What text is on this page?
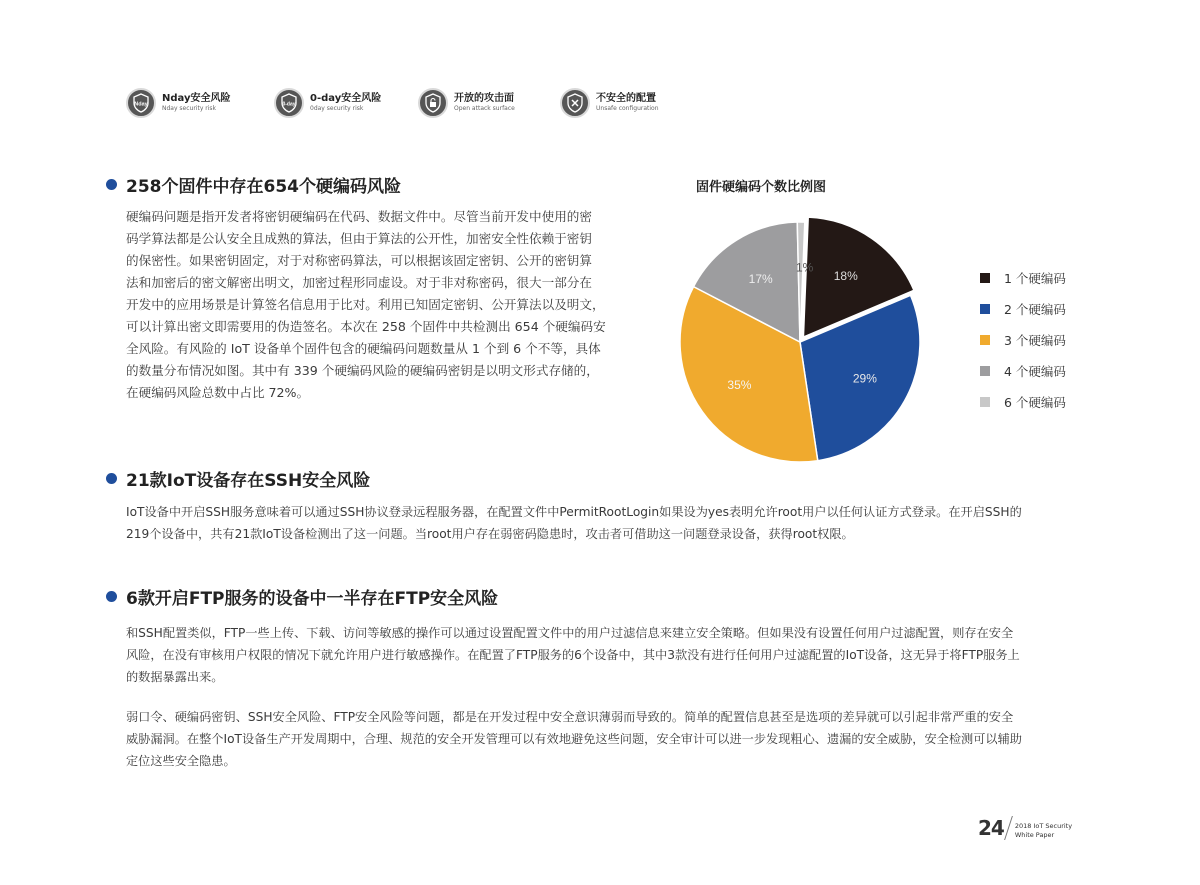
Nday
Nday安全风险
Nday security risk
0-day
0-day安全风险
0day security risk
开放的攻击面
Open attack surface
不安全的配置
Unsafe configuration
258个固件中存在654个硬编码风险
硬编码问题是指开发者将密钥硬编码在代码、数据文件中。尽管当前开发中使用的密
码学算法都是公认安全且成熟的算法，但由于算法的公开性，加密安全性依赖于密钥
的保密性。如果密钥固定，对于对称密码算法，可以根据该固定密钥、公开的密钥算
法和加密后的密文解密出明文，加密过程形同虚设。对于非对称密码，很大一部分在
开发中的应用场景是计算签名信息用于比对。利用已知固定密钥、公开算法以及明文，
可以计算出密文即需要用的伪造签名。本次在 258 个固件中共检测出 654 个硬编码安
全风险。有风险的 IoT 设备单个固件包含的硬编码问题数量从 1 个到 6 个不等，具体
的数量分布情况如图。其中有 339 个硬编码风险的硬编码密钥是以明文形式存储的，
在硬编码风险总数中占比 72%。
固件硬编码个数比例图
18%
29%
35%
17%
1%
1 个硬编码
2 个硬编码
3 个硬编码
4 个硬编码
6 个硬编码
21款IoT设备存在SSH安全风险
IoT设备中开启SSH服务意味着可以通过SSH协议登录远程服务器，在配置文件中PermitRootLogin如果设为yes表明允许root用户以任何认证方式登录。在开启SSH的
219个设备中，共有21款IoT设备检测出了这一问题。当root用户存在弱密码隐患时，攻击者可借助这一问题登录设备，获得root权限。
6款开启FTP服务的设备中一半存在FTP安全风险
和SSH配置类似，FTP一些上传、下载、访问等敏感的操作可以通过设置配置文件中的用户过滤信息来建立安全策略。但如果没有设置任何用户过滤配置，则存在安全
风险，在没有审核用户权限的情况下就允许用户进行敏感操作。在配置了FTP服务的6个设备中，其中3款没有进行任何用户过滤配置的IoT设备，这无异于将FTP服务上
的数据暴露出来。
弱口令、硬编码密钥、SSH安全风险、FTP安全风险等问题，都是在开发过程中安全意识薄弱而导致的。简单的配置信息甚至是选项的差异就可以引起非常严重的安全
威胁漏洞。在整个IoT设备生产开发周期中，合理、规范的安全开发管理可以有效地避免这些问题，安全审计可以进一步发现粗心、遗漏的安全威胁，安全检测可以辅助
定位这些安全隐患。
24 2018 IoT Security
White Paper
